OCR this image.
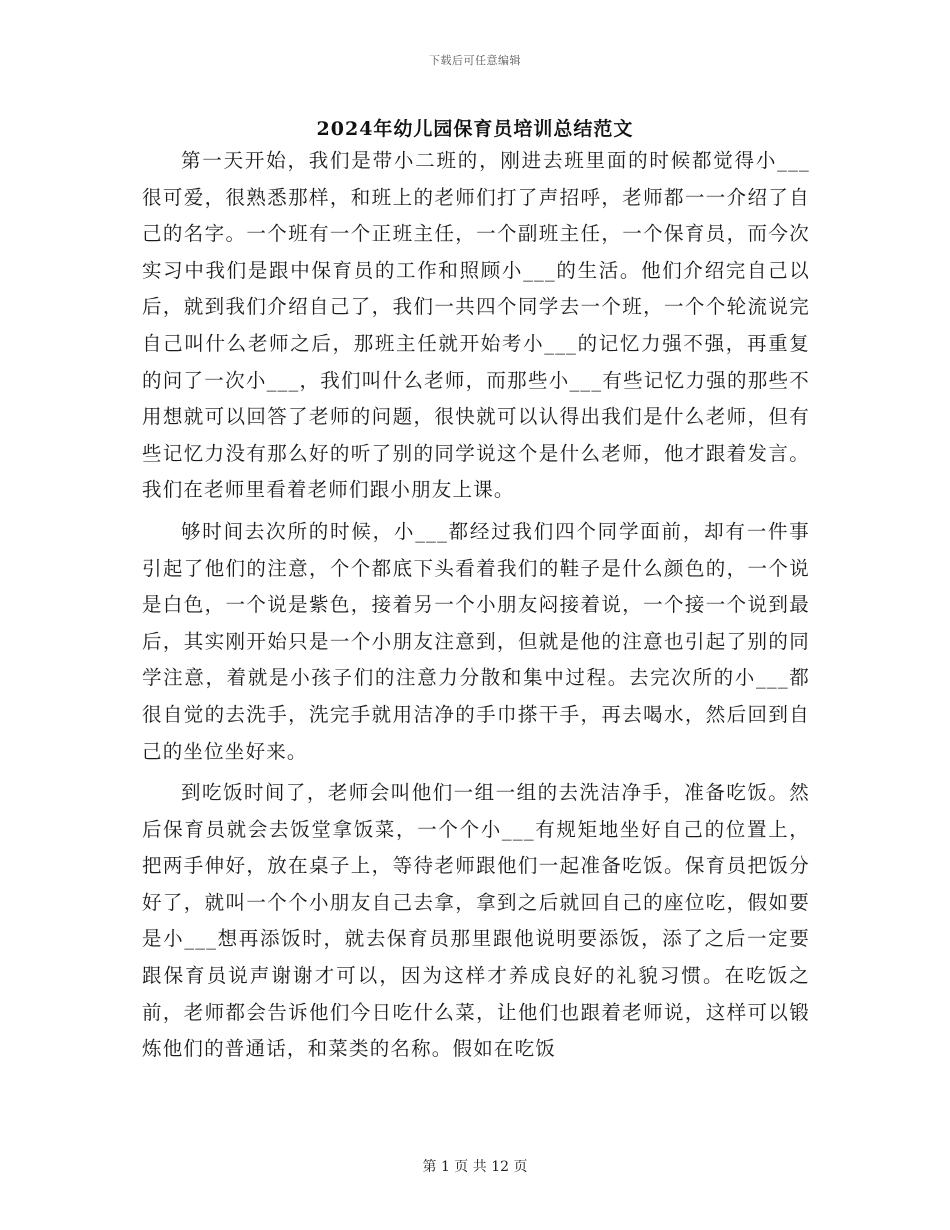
下载后可任意编辑
2024年幼儿园保育员培训总结范文

第一天开始，我们是带小二班的，刚进去班里面的时候都觉得小___很可爱，很熟悉那样，和班上的老师们打了声招呼，老师都一一介绍了自己的名字。一个班有一个正班主任，一个副班主任，一个保育员，而今次实习中我们是跟中保育员的工作和照顾小___的生活。他们介绍完自己以后，就到我们介绍自己了，我们一共四个同学去一个班，一个个轮流说完自己叫什么老师之后，那班主任就开始考小___的记忆力强不强，再重复的问了一次小___，我们叫什么老师，而那些小___有些记忆力强的那些不用想就可以回答了老师的问题，很快就可以认得出我们是什么老师，但有些记忆力没有那么好的听了别的同学说这个是什么老师，他才跟着发言。我们在老师里看着老师们跟小朋友上课。

够时间去次所的时候，小___都经过我们四个同学面前，却有一件事引起了他们的注意，个个都底下头看着我们的鞋子是什么颜色的，一个说是白色，一个说是紫色，接着另一个小朋友闷接着说，一个接一个说到最后，其实刚开始只是一个小朋友注意到，但就是他的注意也引起了别的同学注意，着就是小孩子们的注意力分散和集中过程。去完次所的小___都很自觉的去洗手，洗完手就用洁净的手巾搽干手，再去喝水，然后回到自己的坐位坐好来。

到吃饭时间了，老师会叫他们一组一组的去洗洁净手，准备吃饭。然后保育员就会去饭堂拿饭菜，一个个小___有规矩地坐好自己的位置上，把两手伸好，放在桌子上，等待老师跟他们一起准备吃饭。保育员把饭分好了，就叫一个个小朋友自己去拿，拿到之后就回自己的座位吃，假如要是小___想再添饭时，就去保育员那里跟他说明要添饭，添了之后一定要跟保育员说声谢谢才可以，因为这样才养成良好的礼貌习惯。在吃饭之前，老师都会告诉他们今日吃什么菜，让他们也跟着老师说，这样可以锻炼他们的普通话，和菜类的名称。假如在吃饭

第 1 页 共 12 页
